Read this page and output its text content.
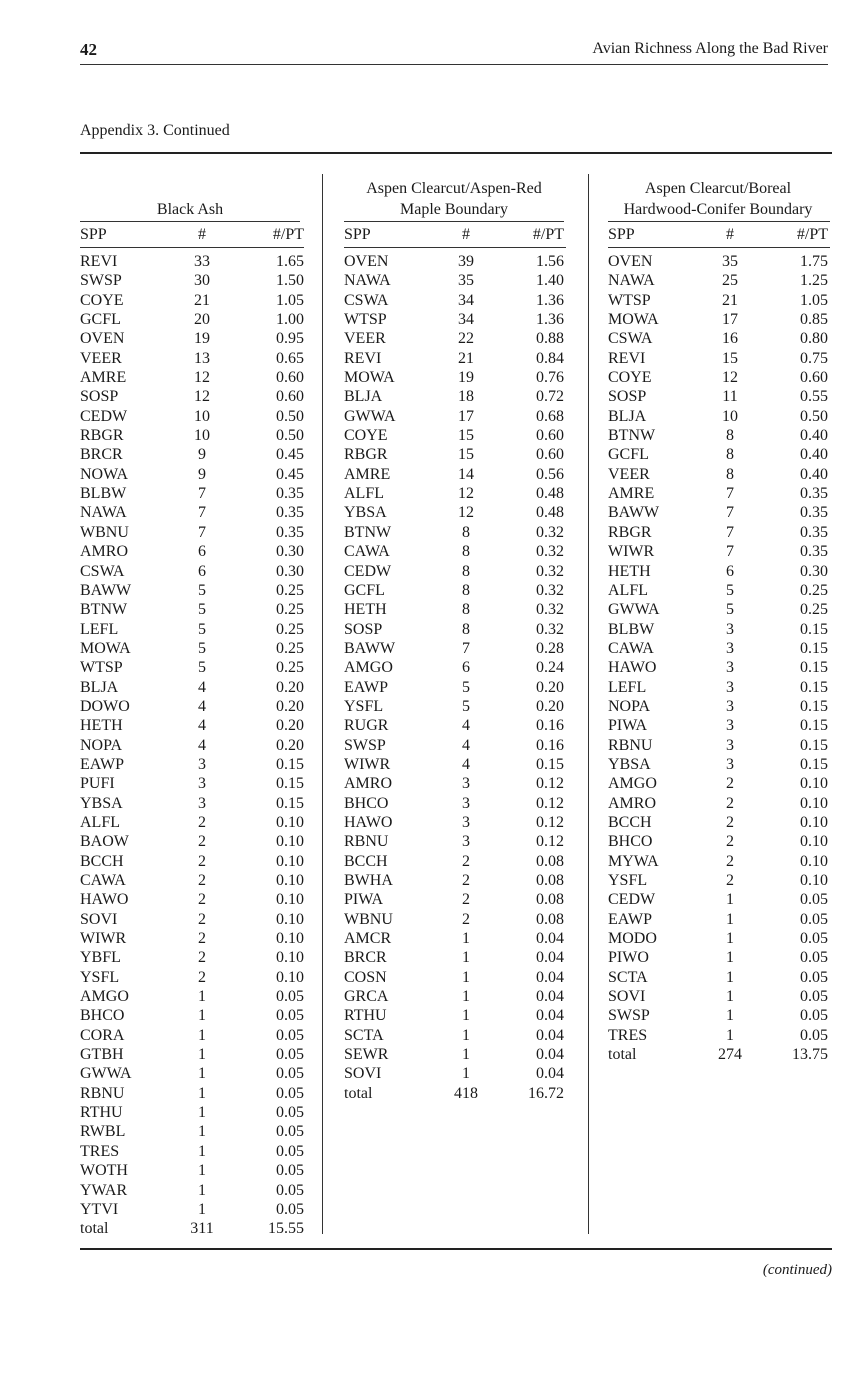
42	Avian Richness Along the Bad River
Appendix 3. Continued
Black Ash
SPP	#	#/PT
REVI	33	1.65
SWSP	30	1.50
COYE	21	1.05
GCFL	20	1.00
OVEN	19	0.95
VEER	13	0.65
AMRE	12	0.60
SOSP	12	0.60
CEDW	10	0.50
RBGR	10	0.50
BRCR	9	0.45
NOWA	9	0.45
BLBW	7	0.35
NAWA	7	0.35
WBNU	7	0.35
AMRO	6	0.30
CSWA	6	0.30
BAWW	5	0.25
BTNW	5	0.25
LEFL	5	0.25
MOWA	5	0.25
WTSP	5	0.25
BLJA	4	0.20
DOWO	4	0.20
HETH	4	0.20
NOPA	4	0.20
EAWP	3	0.15
PUFI	3	0.15
YBSA	3	0.15
ALFL	2	0.10
BAOW	2	0.10
BCCH	2	0.10
CAWA	2	0.10
HAWO	2	0.10
SOVI	2	0.10
WIWR	2	0.10
YBFL	2	0.10
YSFL	2	0.10
AMGO	1	0.05
BHCO	1	0.05
CORA	1	0.05
GTBH	1	0.05
GWWA	1	0.05
RBNU	1	0.05
RTHU	1	0.05
RWBL	1	0.05
TRES	1	0.05
WOTH	1	0.05
YWAR	1	0.05
YTVI	1	0.05
total	311	15.55
Aspen Clearcut/Aspen-Red
Maple Boundary
SPP	#	#/PT
OVEN	39	1.56
NAWA	35	1.40
CSWA	34	1.36
WTSP	34	1.36
VEER	22	0.88
REVI	21	0.84
MOWA	19	0.76
BLJA	18	0.72
GWWA	17	0.68
COYE	15	0.60
RBGR	15	0.60
AMRE	14	0.56
ALFL	12	0.48
YBSA	12	0.48
BTNW	8	0.32
CAWA	8	0.32
CEDW	8	0.32
GCFL	8	0.32
HETH	8	0.32
SOSP	8	0.32
BAWW	7	0.28
AMGO	6	0.24
EAWP	5	0.20
YSFL	5	0.20
RUGR	4	0.16
SWSP	4	0.16
WIWR	4	0.15
AMRO	3	0.12
BHCO	3	0.12
HAWO	3	0.12
RBNU	3	0.12
BCCH	2	0.08
BWHA	2	0.08
PIWA	2	0.08
WBNU	2	0.08
AMCR	1	0.04
BRCR	1	0.04
COSN	1	0.04
GRCA	1	0.04
RTHU	1	0.04
SCTA	1	0.04
SEWR	1	0.04
SOVI	1	0.04
total	418	16.72
Aspen Clearcut/Boreal
Hardwood-Conifer Boundary
SPP	#	#/PT
OVEN	35	1.75
NAWA	25	1.25
WTSP	21	1.05
MOWA	17	0.85
CSWA	16	0.80
REVI	15	0.75
COYE	12	0.60
SOSP	11	0.55
BLJA	10	0.50
BTNW	8	0.40
GCFL	8	0.40
VEER	8	0.40
AMRE	7	0.35
BAWW	7	0.35
RBGR	7	0.35
WIWR	7	0.35
HETH	6	0.30
ALFL	5	0.25
GWWA	5	0.25
BLBW	3	0.15
CAWA	3	0.15
HAWO	3	0.15
LEFL	3	0.15
NOPA	3	0.15
PIWA	3	0.15
RBNU	3	0.15
YBSA	3	0.15
AMGO	2	0.10
AMRO	2	0.10
BCCH	2	0.10
BHCO	2	0.10
MYWA	2	0.10
YSFL	2	0.10
CEDW	1	0.05
EAWP	1	0.05
MODO	1	0.05
PIWO	1	0.05
SCTA	1	0.05
SOVI	1	0.05
SWSP	1	0.05
TRES	1	0.05
total	274	13.75
(continued)
